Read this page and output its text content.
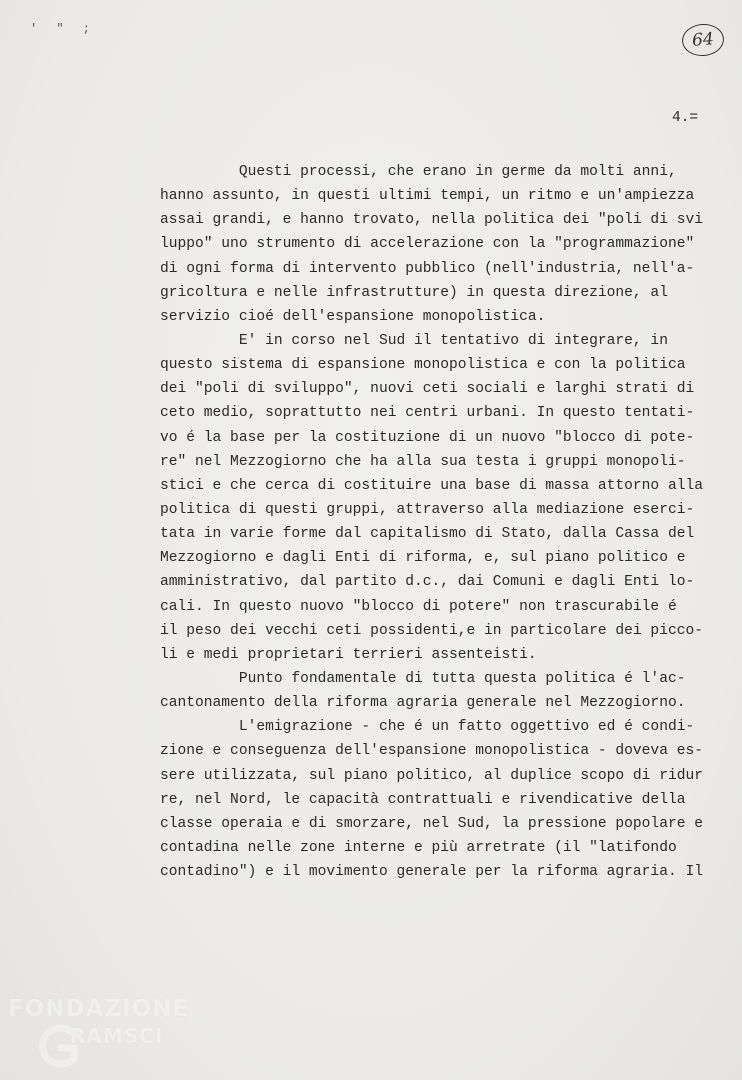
' " ;
64
4.=
Questi processi, che erano in germe da molti anni,
hanno assunto, in questi ultimi tempi, un ritmo e un'ampiezza
assai grandi, e hanno trovato, nella politica dei "poli di svi
luppo" uno strumento di accelerazione con la "programmazione"
di ogni forma di intervento pubblico (nell'industria, nell'a-
gricoltura e nelle infrastrutture) in questa direzione, al
servizio cioé dell'espansione monopolistica.
E' in corso nel Sud il tentativo di integrare, in
questo sistema di espansione monopolistica e con la politica
dei "poli di sviluppo", nuovi ceti sociali e larghi strati di
ceto medio, soprattutto nei centri urbani. In questo tentati-
vo é la base per la costituzione di un nuovo "blocco di pote-
re" nel Mezzogiorno che ha alla sua testa i gruppi monopoli-
stici e che cerca di costituire una base di massa attorno alla
politica di questi gruppi, attraverso alla mediazione eserci-
tata in varie forme dal capitalismo di Stato, dalla Cassa del
Mezzogiorno e dagli Enti di riforma, e, sul piano politico e
amministrativo, dal partito d.c., dai Comuni e dagli Enti lo-
cali. In questo nuovo "blocco di potere" non trascurabile é
il peso dei vecchi ceti possidenti,e in particolare dei picco-
li e medi proprietari terrieri assenteisti.
Punto fondamentale di tutta questa politica é l'ac-
cantonamento della riforma agraria generale nel Mezzogiorno.
L'emigrazione - che é un fatto oggettivo ed é condi-
zione e conseguenza dell'espansione monopolistica - doveva es-
sere utilizzata, sul piano politico, al duplice scopo di ridur
re, nel Nord, le capacità contrattuali e rivendicative della
classe operaia e di smorzare, nel Sud, la pressione popolare e
contadina nelle zone interne e più arretrate (il "latifondo
contadino") e il movimento generale per la riforma agraria. Il
FONDAZIONE
RAMSCI
